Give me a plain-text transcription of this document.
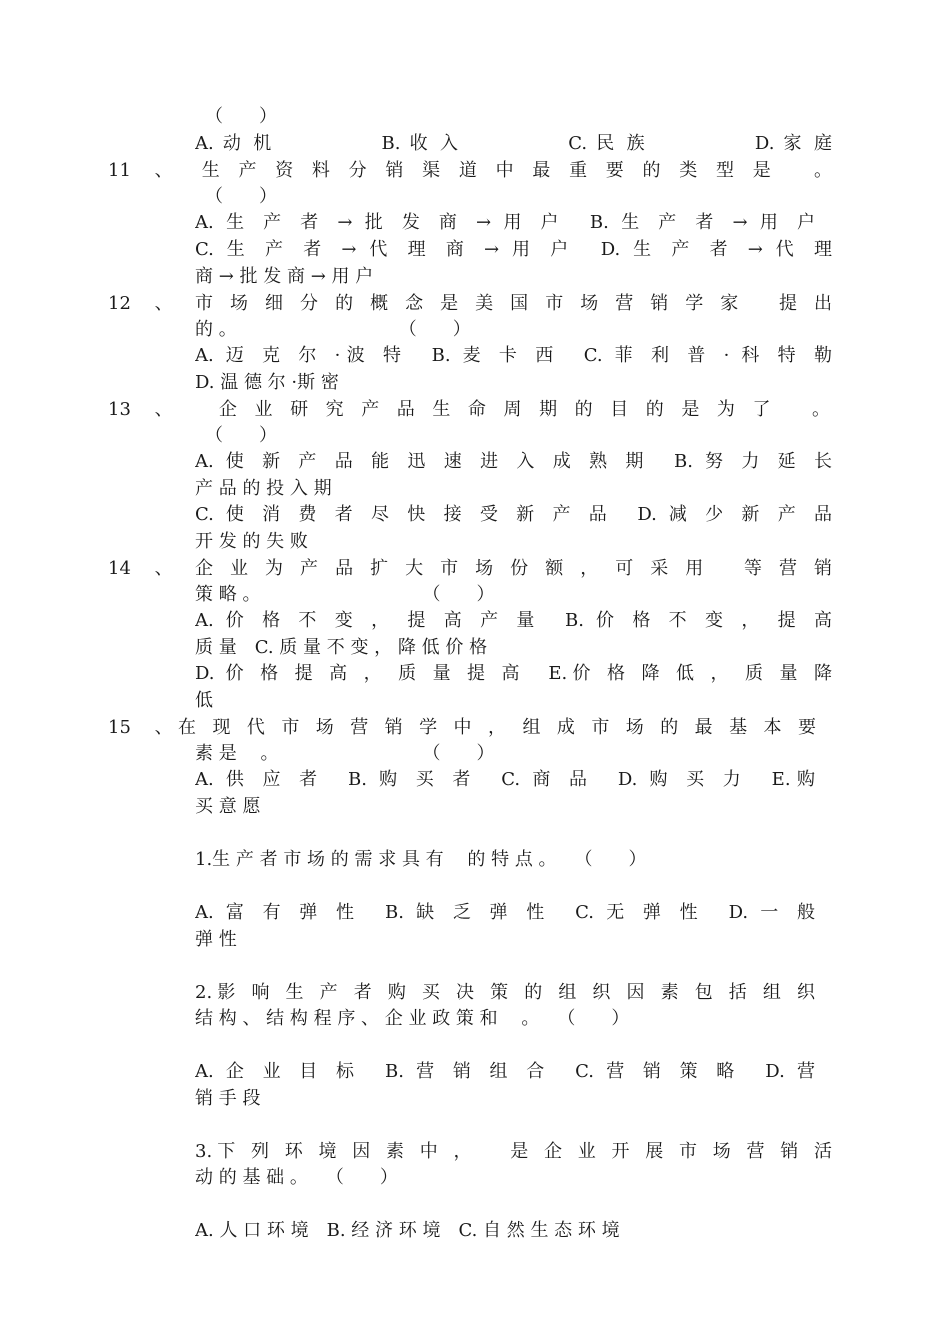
（　　）
A. 动 机　　　　　B. 收 入　　　　　C. 民 族　　　　　D. 家 庭
11 　、
　 生 产 资 料 分 销 渠 道 中 最 重 要 的 类 型 是 　。
（　　）
A. 生 产 者 → 批 发 商 → 用 户　B. 生 产 者 → 用 户
C. 生 产 者 → 代 理 商 → 用 户　D. 生 产 者 → 代 理
商 → 批 发 商 → 用 户
12 　、 市 场 细 分 的 概 念 是 美 国 市 场 营 销 学 家 　提 出
的 。　　　　　　　　　　（　　）
A. 迈 克 尔 ·波 特　B. 麦 卡 西　C. 菲 利 普 · 科 特 勒
D. 温 德 尔 ·斯 密
13 　、 　企 业 研 究 产 品 生 命 周 期 的 目 的 是 为 了 　。
（　　）
A. 使 新 产 品 能 迅 速 进 入 成 熟 期　B. 努 力 延 长
产 品 的 投 入 期
C. 使 消 费 者 尽 快 接 受 新 产 品　D. 减 少 新 产 品
开 发 的 失 败
14 　、 企 业 为 产 品 扩 大 市 场 份 额 ， 可 采 用 　等 营 销
策 略 。　　　　　　　　　　（　　）
A. 价 格 不 变 ， 提 高 产 量　B. 价 格 不 变 ， 提 高
质 量　C. 质 量 不 变 ， 降 低 价 格
D. 价 格 提 高 ， 质 量 提 高　E.价 格 降 低 ， 质 量 降
低
15 　、 在 现 代 市 场 营 销 学 中 ， 组 成 市 场 的 最 基 本 要
素 是 　。　　　　　　　　　（　　）
A. 供 应 者　B. 购 买 者　C. 商 品　D. 购 买 力　E.购
买 意 愿
1.生 产 者 市 场 的 需 求 具 有 　的 特 点 。　　（　　）
A. 富 有 弹 性　B. 缺 乏 弹 性　C. 无 弹 性　D. 一 般
弹 性
2.影 响 生 产 者 购 买 决 策 的 组 织 因 素 包 括 组 织
结 构 、 结 构 程 序 、 企 业 政 策 和 　。　　（　　）
A. 企 业 目 标　B. 营 销 组 合　C. 营 销 策 略　D. 营
销 手 段
3.下 列 环 境 因 素 中 ， 　是 企 业 开 展 市 场 营 销 活
动 的 基 础 。　　（　　）
A. 人 口 环 境　B. 经 济 环 境　C. 自 然 生 态 环 境
